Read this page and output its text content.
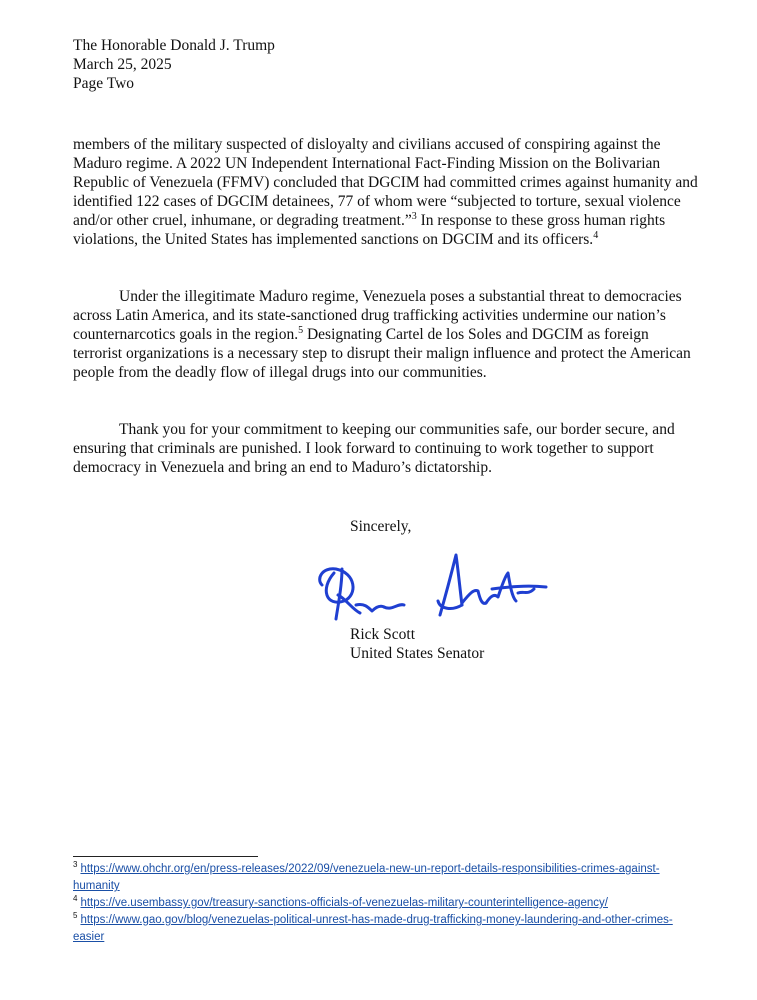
The Honorable Donald J. Trump
March 25, 2025
Page Two

members of the military suspected of disloyalty and civilians accused of conspiring against the Maduro regime. A 2022 UN Independent International Fact-Finding Mission on the Bolivarian Republic of Venezuela (FFMV) concluded that DGCIM had committed crimes against humanity and identified 122 cases of DGCIM detainees, 77 of whom were “subjected to torture, sexual violence and/or other cruel, inhumane, or degrading treatment.”$^3$ In response to these gross human rights violations, the United States has implemented sanctions on DGCIM and its officers.$^4$

Under the illegitimate Maduro regime, Venezuela poses a substantial threat to democracies across Latin America, and its state-sanctioned drug trafficking activities undermine our nation’s counternarcotics goals in the region.$^5$ Designating Cartel de los Soles and DGCIM as foreign terrorist organizations is a necessary step to disrupt their malign influence and protect the American people from the deadly flow of illegal drugs into our communities.

Thank you for your commitment to keeping our communities safe, our border secure, and ensuring that criminals are punished. I look forward to continuing to work together to support democracy in Venezuela and bring an end to Maduro’s dictatorship.

Sincerely,
Rick Scott
United States Senator

$^3$ https://www.ohchr.org/en/press-releases/2022/09/venezuela-new-un-report-details-responsibilities-crimes-against-humanity

$^4$ https://ve.usembassy.gov/treasury-sanctions-officials-of-venezuelas-military-counterintelligence-agency/

$^5$ https://www.gao.gov/blog/venezuelas-political-unrest-has-made-drug-trafficking-money-laundering-and-other-crimes-easier
